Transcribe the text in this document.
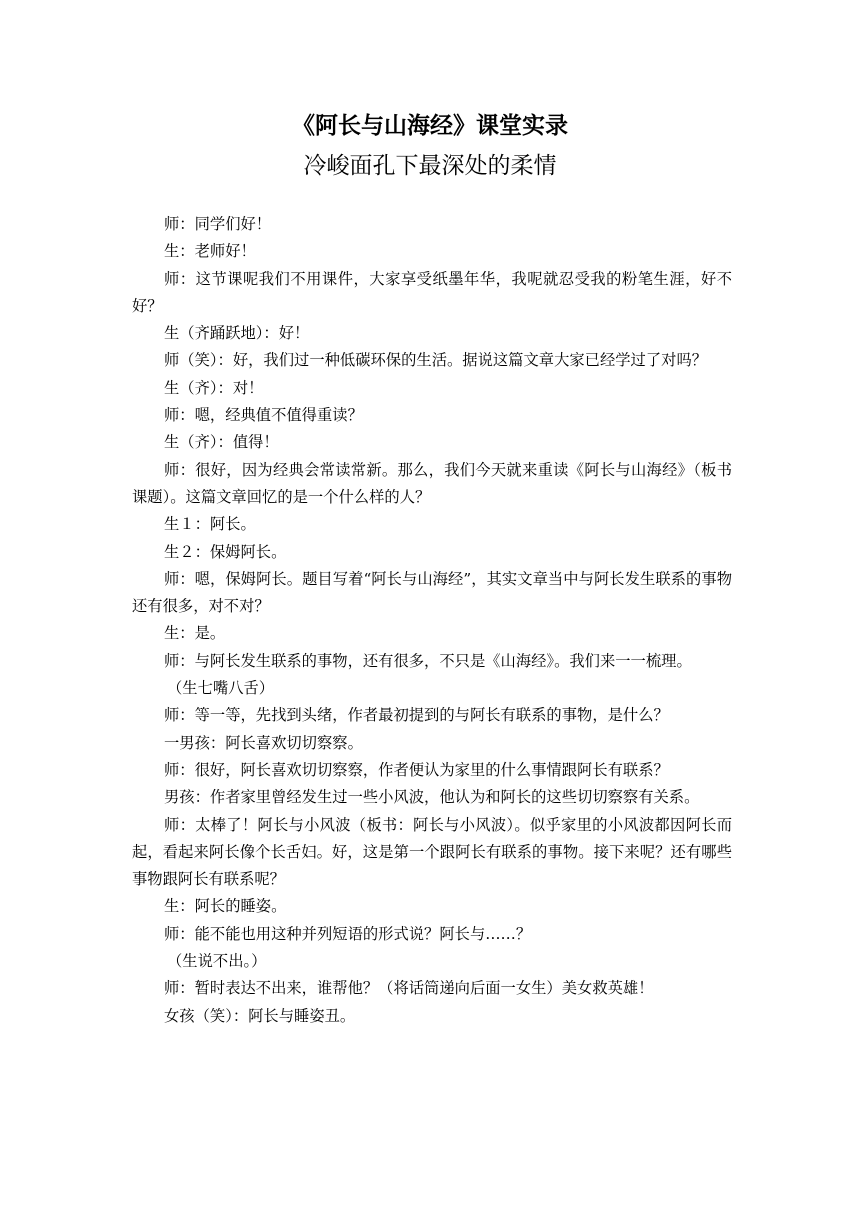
《阿长与山海经》课堂实录
冷峻面孔下最深处的柔情

师：同学们好！

生：老师好！

师：这节课呢我们不用课件，大家享受纸墨年华，我呢就忍受我的粉笔生涯，好不好？

生（齐踊跃地）：好！

师（笑）：好，我们过一种低碳环保的生活。据说这篇文章大家已经学过了对吗？

生（齐）：对！

师：嗯，经典值不值得重读？

生（齐）：值得！

师：很好，因为经典会常读常新。那么，我们今天就来重读《阿长与山海经》（板书课题）。这篇文章回忆的是一个什么样的人？

生１：阿长。

生２：保姆阿长。

师：嗯，保姆阿长。题目写着“阿长与山海经”，其实文章当中与阿长发生联系的事物还有很多，对不对？

生：是。

师：与阿长发生联系的事物，还有很多，不只是《山海经》。我们来一一梳理。

（生七嘴八舌）

师：等一等，先找到头绪，作者最初提到的与阿长有联系的事物，是什么？

一男孩：阿长喜欢切切察察。

师：很好，阿长喜欢切切察察，作者便认为家里的什么事情跟阿长有联系？

男孩：作者家里曾经发生过一些小风波，他认为和阿长的这些切切察察有关系。

师：太棒了！阿长与小风波（板书：阿长与小风波）。似乎家里的小风波都因阿长而起，看起来阿长像个长舌妇。好，这是第一个跟阿长有联系的事物。接下来呢？还有哪些事物跟阿长有联系呢？

生：阿长的睡姿。

师：能不能也用这种并列短语的形式说？阿长与……？

（生说不出。）

师：暂时表达不出来，谁帮他？（将话筒递向后面一女生）美女救英雄！

女孩（笑）：阿长与睡姿丑。
